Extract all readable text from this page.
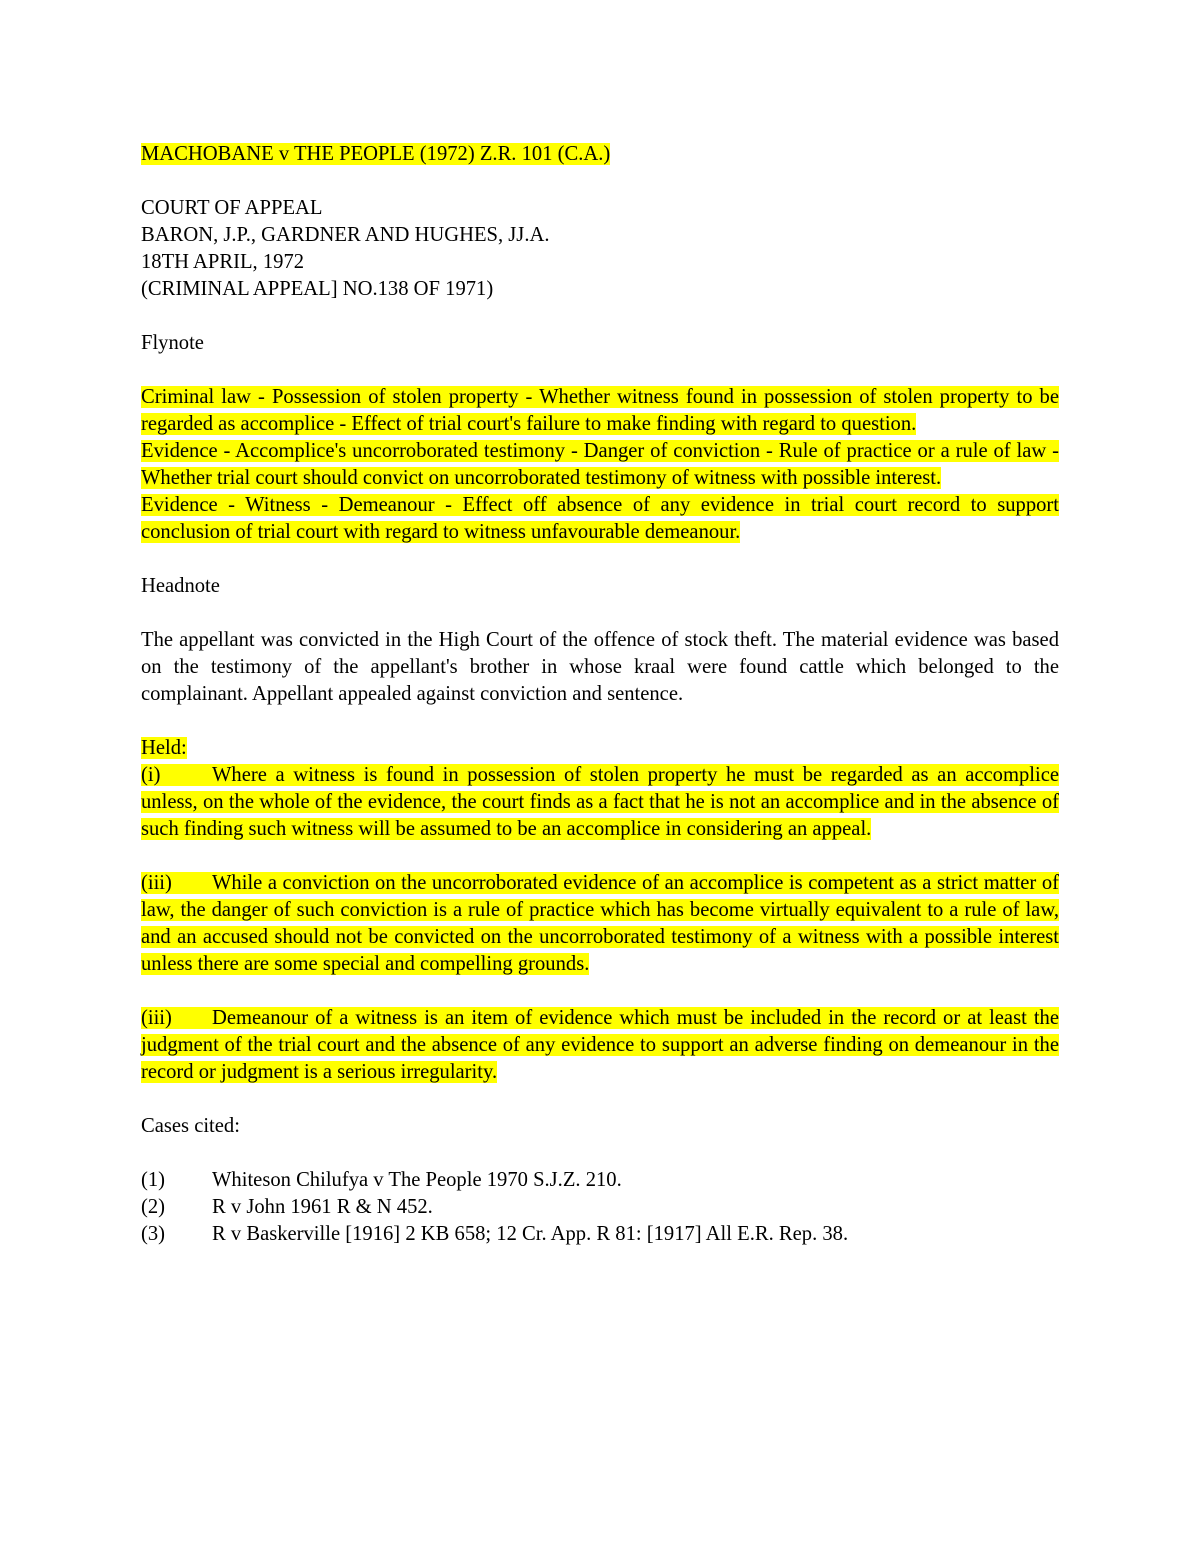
MACHOBANE v THE PEOPLE (1972) Z.R. 101 (C.A.)

COURT OF APPEAL

BARON, J.P., GARDNER AND HUGHES, JJ.A.

18TH APRIL, 1972

(CRIMINAL APPEAL] NO.138 OF 1971)

Flynote

Criminal law - Possession of stolen property - Whether witness found in possession of stolen property to be regarded as accomplice - Effect of trial court's failure to make finding with regard to question.

Evidence - Accomplice's uncorroborated testimony - Danger of conviction - Rule of practice or a rule of law - Whether trial court should convict on uncorroborated testimony of witness with possible interest.

Evidence - Witness - Demeanour - Effect off absence of any evidence in trial court record to support conclusion of trial court with regard to witness unfavourable demeanour.

Headnote

The appellant was convicted in the High Court of the offence of stock theft. The material evidence was based on the testimony of the appellant's brother in whose kraal were found cattle which belonged to the complainant. Appellant appealed against conviction and sentence.

Held:

(i)	Where a witness is found in possession of stolen property he must be regarded as an accomplice unless, on the whole of the evidence, the court finds as a fact that he is not an accomplice and in the absence of such finding such witness will be assumed to be an accomplice in considering an appeal.

(iii) While a conviction on the uncorroborated evidence of an accomplice is competent as a strict matter of law, the danger of such conviction is a rule of practice which has become virtually equivalent to a rule of law, and an accused should not be convicted on the uncorroborated testimony of a witness with a possible interest unless there are some special and compelling grounds.

(iii) Demeanour of a witness is an item of evidence which must be included in the record or at least the judgment of the trial court and the absence of any evidence to support an adverse finding on demeanour in the record or judgment is a serious irregularity.

Cases cited:

(1)	Whiteson Chilufya v The People 1970 S.J.Z. 210.
(2)	R v John 1961 R & N 452.
(3)	R v Baskerville [1916] 2 KB 658; 12 Cr. App. R 81: [1917] All E.R. Rep. 38.
